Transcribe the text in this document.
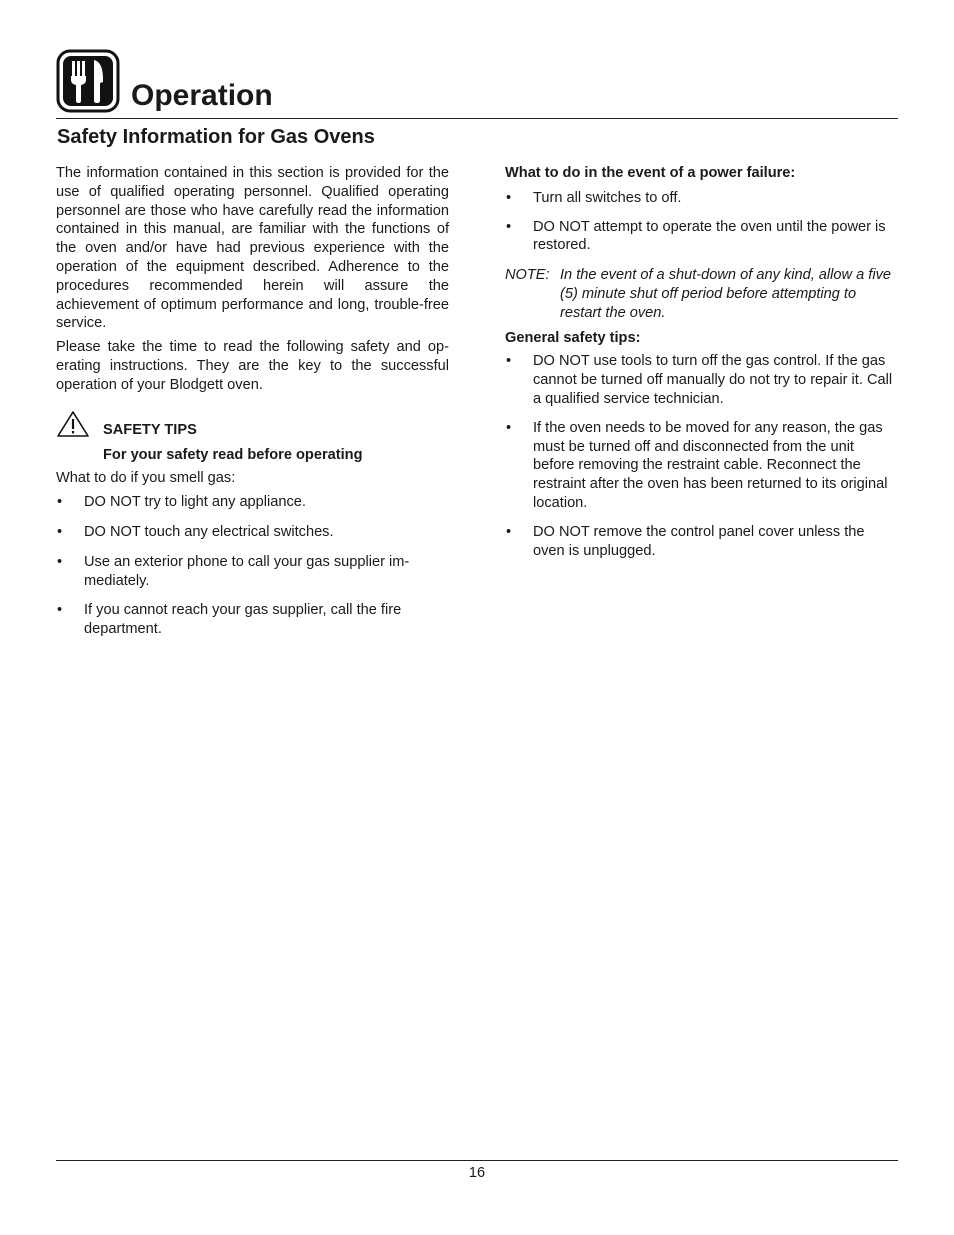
Operation
Safety Information for Gas Ovens

The information contained in this section is provided for the use of qualified operating personnel. Qualified operating personnel are those who have carefully read the information contained in this manual, are familiar with the functions of the oven and/or have had previous experience with the operation of the equipment described. Adherence to the procedures recommended herein will assure the achievement of optimum performance and long, trouble-free service.

Please take the time to read the following safety and operating instructions. They are the key to the successful operation of your Blodgett oven.

SAFETY TIPS

For your safety read before operating

What to do if you smell gas:

• DO NOT try to light any appliance.
• DO NOT touch any electrical switches.
• Use an exterior phone to call your gas supplier immediately.
• If you cannot reach your gas supplier, call the fire department.

What to do in the event of a power failure:

• Turn all switches to off.
• DO NOT attempt to operate the oven until the power is restored.
NOTE: In the event of a shut-down of any kind, allow a five (5) minute shut off period before attempting to restart the oven.

General safety tips:

• DO NOT use tools to turn off the gas control. If the gas cannot be turned off manually do not try to repair it. Call a qualified service technician.
• If the oven needs to be moved for any reason, the gas must be turned off and disconnected from the unit before removing the restraint cable. Reconnect the restraint after the oven has been returned to its original location.
• DO NOT remove the control panel cover unless the oven is unplugged.
16
